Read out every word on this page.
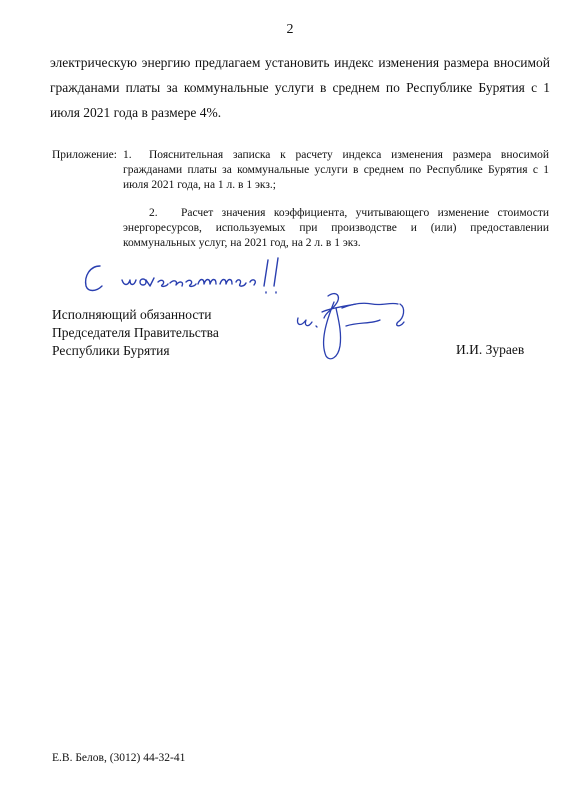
2
электрическую энергию предлагаем установить индекс изменения размера вносимой гражданами платы за коммунальные услуги в среднем по Республике Бурятия с 1 июля 2021 года в размере 4%.
Приложение: 1. Пояснительная записка к расчету индекса изменения размера вносимой гражданами платы за коммунальные услуги в среднем по Республике Бурятия с 1 июля 2021 года, на 1 л. в 1 экз.;
2. Расчет значения коэффициента, учитывающего изменение стоимости энергоресурсов, используемых при производстве и (или) предоставлении коммунальных услуг, на 2021 год, на 2 л. в 1 экз.
Исполняющий обязанности
Председателя Правительства
Республики Бурятия	И.И. Зураев
Е.В. Белов, (3012) 44-32-41
